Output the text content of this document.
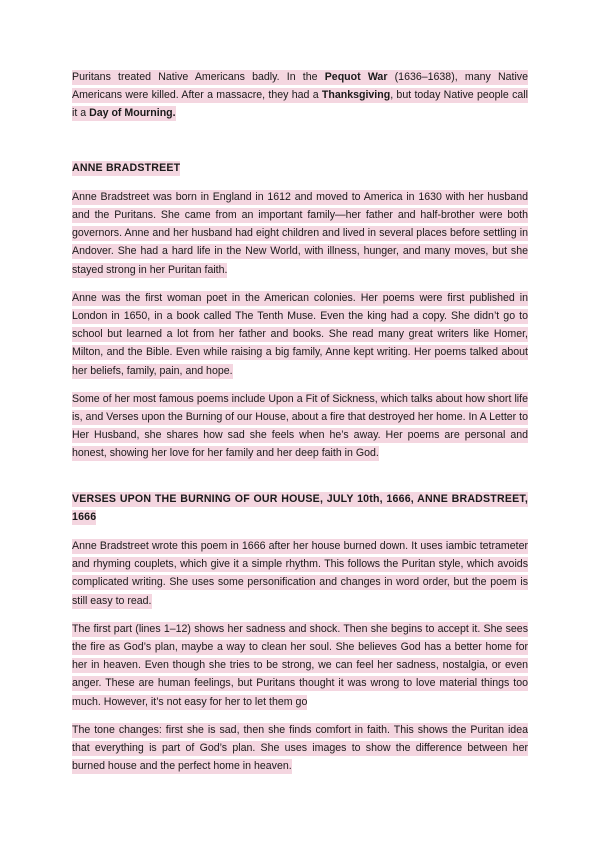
Puritans treated Native Americans badly. In the Pequot War (1636–1638), many Native Americans were killed. After a massacre, they had a Thanksgiving, but today Native people call it a Day of Mourning.

ANNE BRADSTREET

Anne Bradstreet was born in England in 1612 and moved to America in 1630 with her husband and the Puritans. She came from an important family—her father and half-brother were both governors. Anne and her husband had eight children and lived in several places before settling in Andover. She had a hard life in the New World, with illness, hunger, and many moves, but she stayed strong in her Puritan faith.

Anne was the first woman poet in the American colonies. Her poems were first published in London in 1650, in a book called The Tenth Muse. Even the king had a copy. She didn’t go to school but learned a lot from her father and books. She read many great writers like Homer, Milton, and the Bible. Even while raising a big family, Anne kept writing. Her poems talked about her beliefs, family, pain, and hope.

Some of her most famous poems include Upon a Fit of Sickness, which talks about how short life is, and Verses upon the Burning of our House, about a fire that destroyed her home. In A Letter to Her Husband, she shares how sad she feels when he’s away. Her poems are personal and honest, showing her love for her family and her deep faith in God.

VERSES UPON THE BURNING OF OUR HOUSE, JULY 10th, 1666, ANNE BRADSTREET, 1666

Anne Bradstreet wrote this poem in 1666 after her house burned down. It uses iambic tetrameter and rhyming couplets, which give it a simple rhythm. This follows the Puritan style, which avoids complicated writing. She uses some personification and changes in word order, but the poem is still easy to read.

The first part (lines 1–12) shows her sadness and shock. Then she begins to accept it. She sees the fire as God’s plan, maybe a way to clean her soul. She believes God has a better home for her in heaven. Even though she tries to be strong, we can feel her sadness, nostalgia, or even anger. These are human feelings, but Puritans thought it was wrong to love material things too much. However, it’s not easy for her to let them go

The tone changes: first she is sad, then she finds comfort in faith. This shows the Puritan idea that everything is part of God’s plan. She uses images to show the difference between her burned house and the perfect home in heaven.
